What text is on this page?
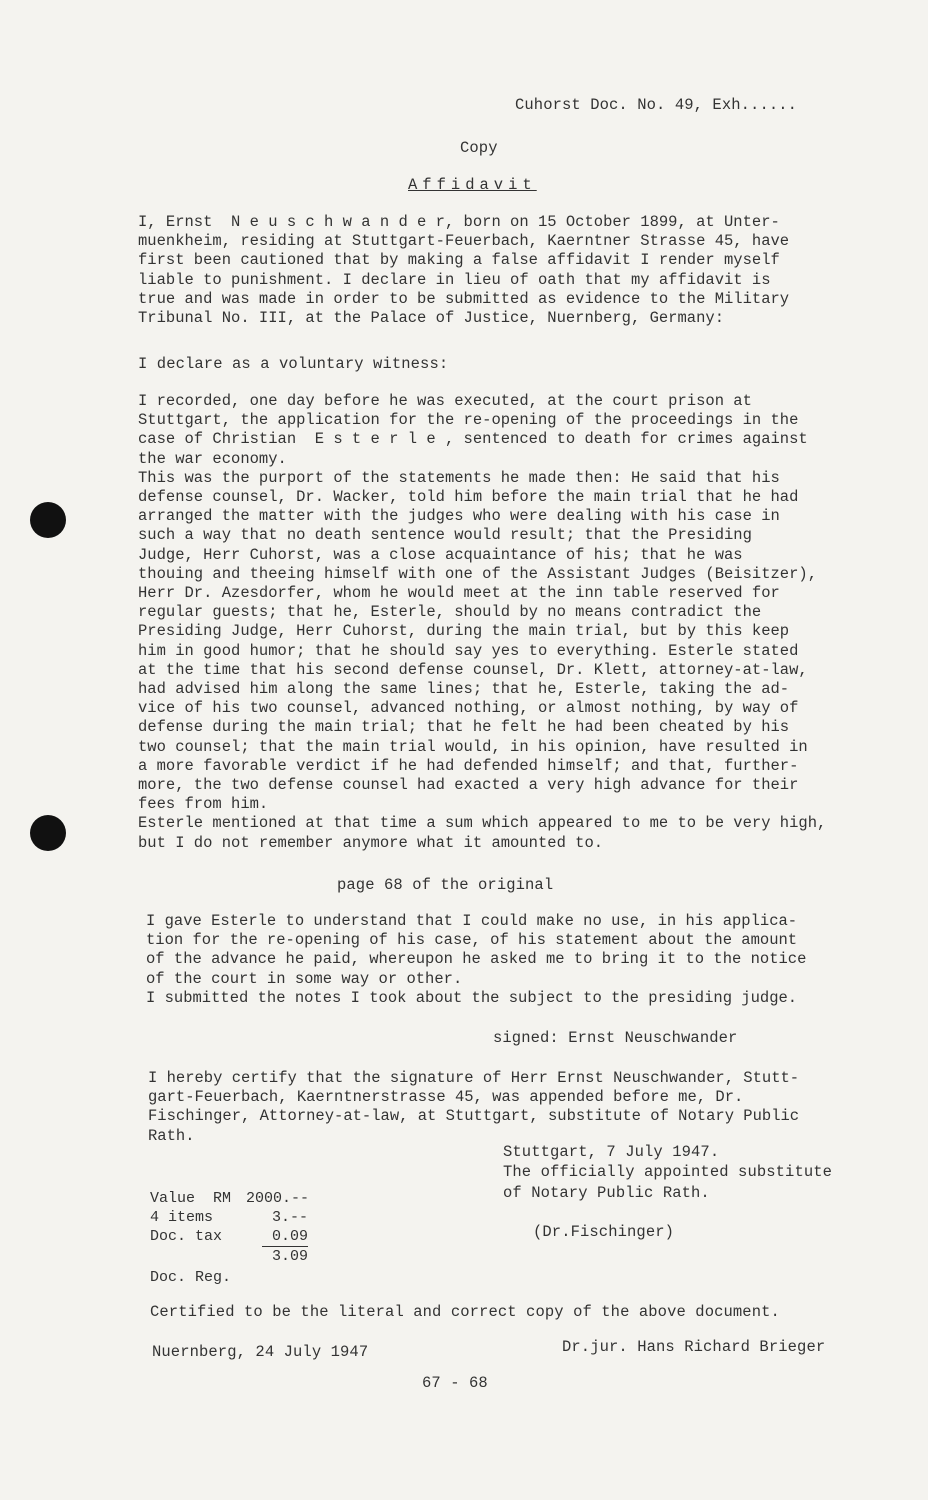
Cuhorst Doc. No. 49, Exh......
Copy
Affidavit
I, Ernst  N e u s c h w a n d e r, born on 15 October 1899, at Unter-
muenkheim, residing at Stuttgart-Feuerbach, Kaerntner Strasse 45, have
first been cautioned that by making a false affidavit I render myself
liable to punishment. I declare in lieu of oath that my affidavit is
true and was made in order to be submitted as evidence to the Military
Tribunal No. III, at the Palace of Justice, Nuernberg, Germany:
I declare as a voluntary witness:
I recorded, one day before he was executed, at the court prison at
Stuttgart, the application for the re-opening of the proceedings in the
case of Christian  E s t e r l e , sentenced to death for crimes against
the war economy.
This was the purport of the statements he made then: He said that his
defense counsel, Dr. Wacker, told him before the main trial that he had
arranged the matter with the judges who were dealing with his case in
such a way that no death sentence would result; that the Presiding
Judge, Herr Cuhorst, was a close acquaintance of his; that he was
thouing and theeing himself with one of the Assistant Judges (Beisitzer),
Herr Dr. Azesdorfer, whom he would meet at the inn table reserved for
regular guests; that he, Esterle, should by no means contradict the
Presiding Judge, Herr Cuhorst, during the main trial, but by this keep
him in good humor; that he should say yes to everything. Esterle stated
at the time that his second defense counsel, Dr. Klett, attorney-at-law,
had advised him along the same lines; that he, Esterle, taking the ad-
vice of his two counsel, advanced nothing, or almost nothing, by way of
defense during the main trial; that he felt he had been cheated by his
two counsel; that the main trial would, in his opinion, have resulted in
a more favorable verdict if he had defended himself; and that, further-
more, the two defense counsel had exacted a very high advance for their
fees from him.
Esterle mentioned at that time a sum which appeared to me to be very high,
but I do not remember anymore what it amounted to.
page 68 of the original
I gave Esterle to understand that I could make no use, in his applica-
tion for the re-opening of his case, of his statement about the amount
of the advance he paid, whereupon he asked me to bring it to the notice
of the court in some way or other.
I submitted the notes I took about the subject to the presiding judge.
signed: Ernst Neuschwander
I hereby certify that the signature of Herr Ernst Neuschwander, Stutt-
gart-Feuerbach, Kaerntnerstrasse 45, was appended before me, Dr.
Fischinger, Attorney-at-law, at Stuttgart, substitute of Notary Public
Rath.
Stuttgart, 7 July 1947.
The officially appointed substitute
of Notary Public Rath.
(Dr.Fischinger)
Value  RM 2000.--
4 items	3.--
Doc. tax	0.09
3.09
Doc. Reg.
Certified to be the literal and correct copy of the above document.
Nuernberg, 24 July 1947	Dr.jur. Hans Richard Brieger
67 - 68
